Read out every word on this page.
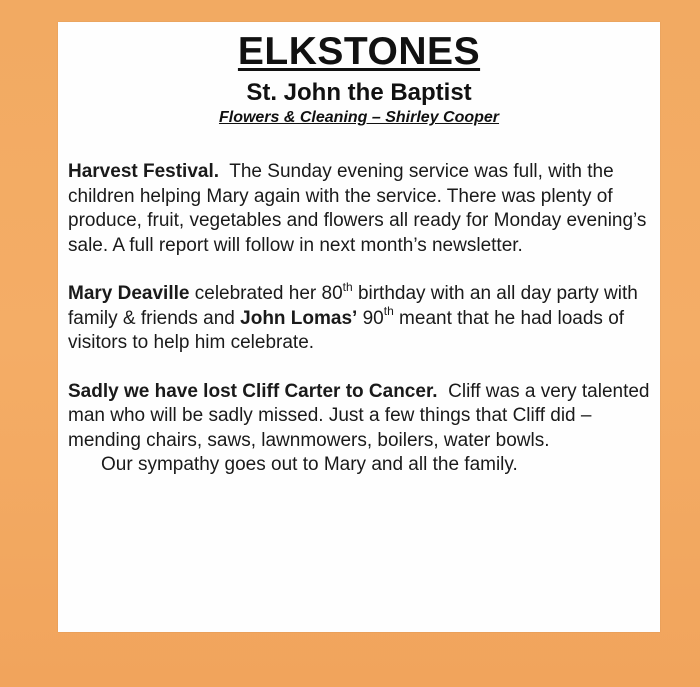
ELKSTONES
St. John the Baptist
Flowers & Cleaning – Shirley Cooper

Harvest Festival. The Sunday evening service was full, with the children helping Mary again with the service. There was plenty of produce, fruit, vegetables and flowers all ready for Monday evening’s sale. A full report will follow in next month’s newsletter.

Mary Deaville celebrated her 80th birthday with an all day party with family & friends and John Lomas’ 90th meant that he had loads of visitors to help him celebrate.

Sadly we have lost Cliff Carter to Cancer. Cliff was a very talented man who will be sadly missed. Just a few things that Cliff did – mending chairs, saws, lawnmowers, boilers, water bowls.

Our sympathy goes out to Mary and all the family.
